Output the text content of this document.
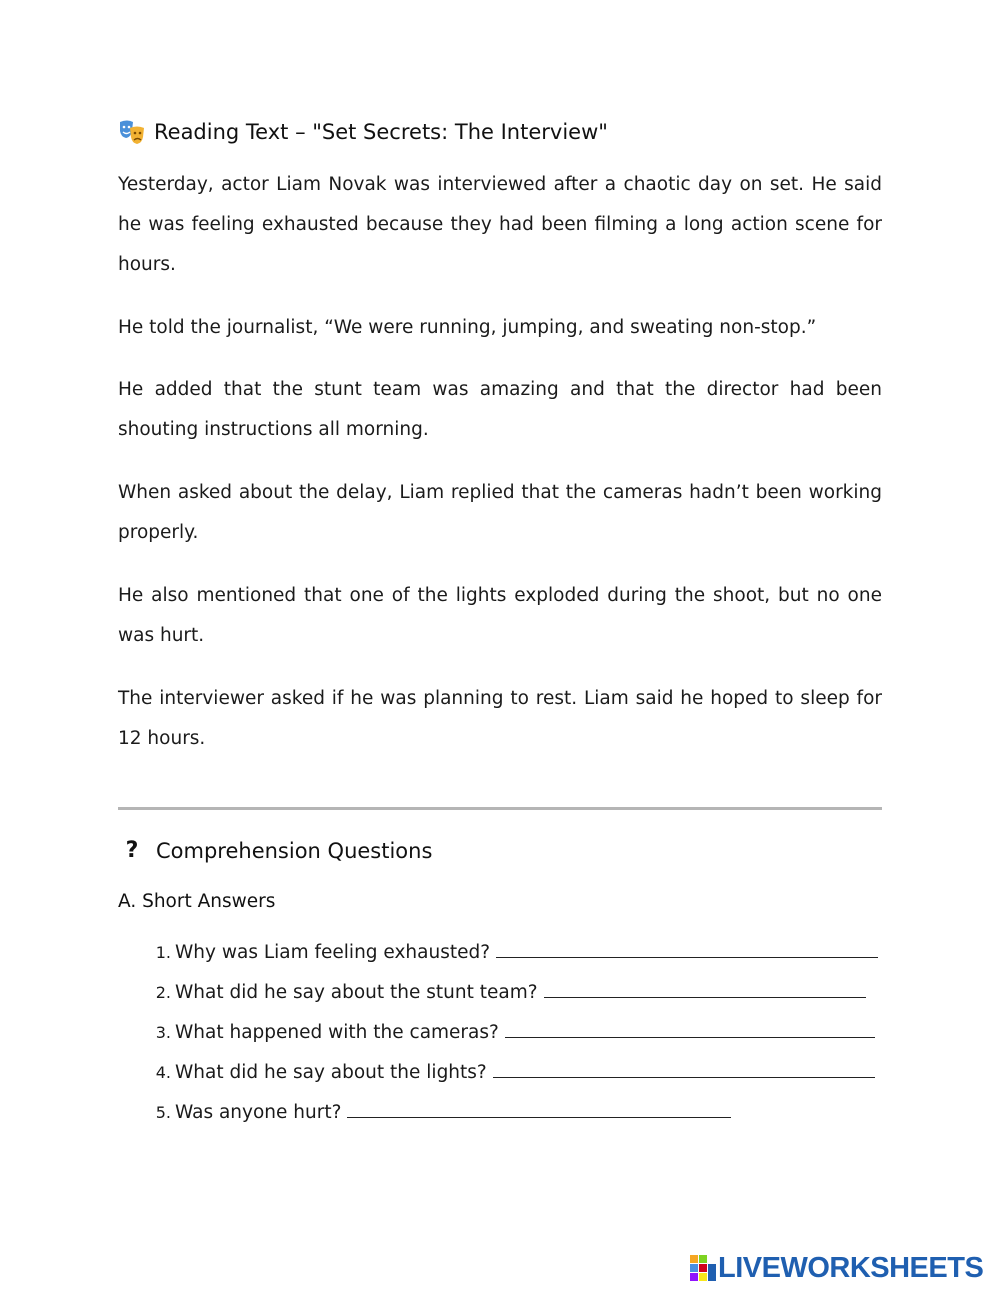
Reading Text – "Set Secrets: The Interview"

Yesterday, actor Liam Novak was interviewed after a chaotic day on set. He said he was feeling exhausted because they had been filming a long action scene for hours.

He told the journalist, “We were running, jumping, and sweating non-stop.”

He added that the stunt team was amazing and that the director had been shouting instructions all morning.

When asked about the delay, Liam replied that the cameras hadn’t been working properly.

He also mentioned that one of the lights exploded during the shoot, but no one was hurt.

The interviewer asked if he was planning to rest. Liam said he hoped to sleep for 12 hours.

? Comprehension Questions
A. Short Answers
1. Why was Liam feeling exhausted?
2. What did he say about the stunt team?
3. What happened with the cameras?
4. What did he say about the lights?
5. Was anyone hurt?
LIVEWORKSHEETS
